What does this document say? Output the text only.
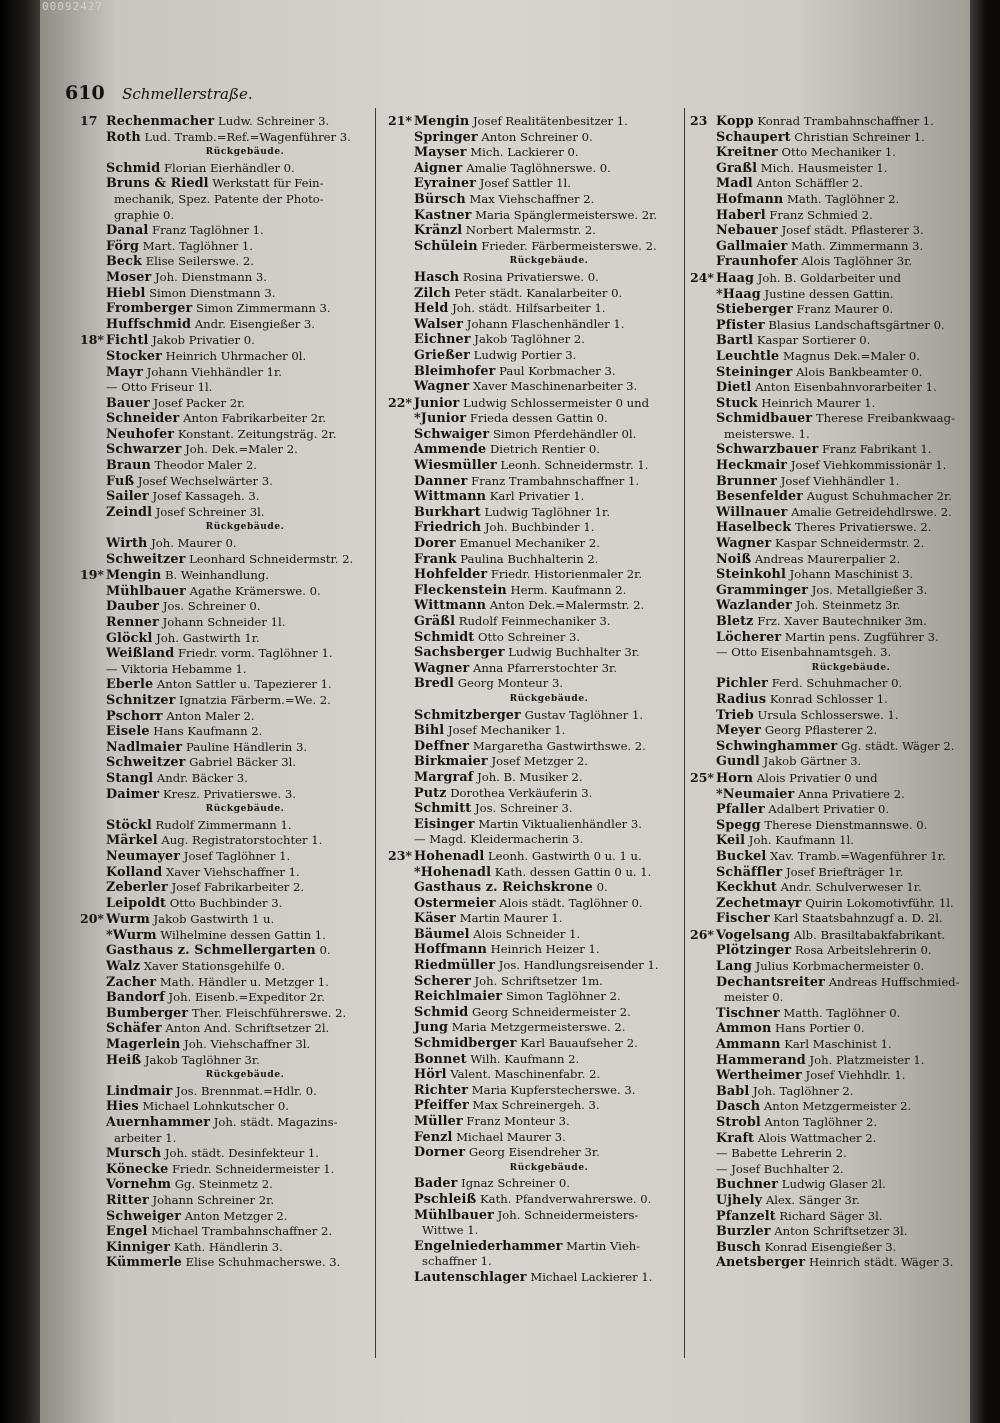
00092427
610 Schmellerstraße.
17 Rechenmacher Ludw. Schreiner 3.
Roth Lud. Tramb.=Ref.=Wagenführer 3.
Rückgebäude.
Schmid Florian Eierhändler 0.
Bruns & Riedl Werkstatt für Fein-
mechanik, Spez. Patente der Photo-
graphie 0.
Danal Franz Taglöhner 1.
Förg Mart. Taglöhner 1.
Beck Elise Seilerswe. 2.
Moser Joh. Dienstmann 3.
Hiebl Simon Dienstmann 3.
Fromberger Simon Zimmermann 3.
Huffschmid Andr. Eisengießer 3.
18* Fichtl Jakob Privatier 0.
Stocker Heinrich Uhrmacher 0l.
Mayr Johann Viehhändler 1r.
— Otto Friseur 1l.
Bauer Josef Packer 2r.
Schneider Anton Fabrikarbeiter 2r.
Neuhofer Konstant. Zeitungsträg. 2r.
Schwarzer Joh. Dek.=Maler 2.
Braun Theodor Maler 2.
Fuß Josef Wechselwärter 3.
Sailer Josef Kassageh. 3.
Zeindl Josef Schreiner 3l.
Rückgebäude.
Wirth Joh. Maurer 0.
Schweitzer Leonhard Schneidermstr. 2.
19* Mengin B. Weinhandlung.
Mühlbauer Agathe Krämerswe. 0.
Dauber Jos. Schreiner 0.
Renner Johann Schneider 1l.
Glöckl Joh. Gastwirth 1r.
Weißland Friedr. vorm. Taglöhner 1.
— Viktoria Hebamme 1.
Eberle Anton Sattler u. Tapezierer 1.
Schnitzer Ignatzia Färberm.=We. 2.
Pschorr Anton Maler 2.
Eisele Hans Kaufmann 2.
Nadlmaier Pauline Händlerin 3.
Schweitzer Gabriel Bäcker 3l.
Stangl Andr. Bäcker 3.
Daimer Kresz. Privatierswe. 3.
Rückgebäude.
Stöckl Rudolf Zimmermann 1.
Märkel Aug. Registratorstochter 1.
Neumayer Josef Taglöhner 1.
Kolland Xaver Viehschaffner 1.
Zeberler Josef Fabrikarbeiter 2.
Leipoldt Otto Buchbinder 3.
20* Wurm Jakob Gastwirth 1 u.
*Wurm Wilhelmine dessen Gattin 1.
Gasthaus z. Schmellergarten 0.
Walz Xaver Stationsgehilfe 0.
Zacher Math. Händler u. Metzger 1.
Bandorf Joh. Eisenb.=Expeditor 2r.
Bumberger Ther. Fleischführerswe. 2.
Schäfer Anton And. Schriftsetzer 2l.
Magerlein Joh. Viehschaffner 3l.
Heiß Jakob Taglöhner 3r.
Rückgebäude.
Lindmair Jos. Brennmat.=Hdlr. 0.
Hies Michael Lohnkutscher 0.
Auernhammer Joh. städt. Magazins-
arbeiter 1.
Mursch Joh. städt. Desinfekteur 1.
Könecke Friedr. Schneidermeister 1.
Vornehm Gg. Steinmetz 2.
Ritter Johann Schreiner 2r.
Schweiger Anton Metzger 2.
Engel Michael Trambahnschaffner 2.
Kinniger Kath. Händlerin 3.
Kümmerle Elise Schuhmacherswe. 3.
21* Mengin Josef Realitätenbesitzer 1.
Springer Anton Schreiner 0.
Mayser Mich. Lackierer 0.
Aigner Amalie Taglöhnerswe. 0.
Eyrainer Josef Sattler 1l.
Bürsch Max Viehschaffner 2.
Kastner Maria Spänglermeisterswe. 2r.
Kränzl Norbert Malermstr. 2.
Schülein Frieder. Färbermeisterswe. 2.
Rückgebäude.
Hasch Rosina Privatierswe. 0.
Zilch Peter städt. Kanalarbeiter 0.
Held Joh. städt. Hilfsarbeiter 1.
Walser Johann Flaschenhändler 1.
Eichner Jakob Taglöhner 2.
Grießer Ludwig Portier 3.
Bleimhofer Paul Korbmacher 3.
Wagner Xaver Maschinenarbeiter 3.
22* Junior Ludwig Schlossermeister 0 und
*Junior Frieda dessen Gattin 0.
Schwaiger Simon Pferdehändler 0l.
Ammende Dietrich Rentier 0.
Wiesmüller Leonh. Schneidermstr. 1.
Danner Franz Trambahnschaffner 1.
Wittmann Karl Privatier 1.
Burkhart Ludwig Taglöhner 1r.
Friedrich Joh. Buchbinder 1.
Dorer Emanuel Mechaniker 2.
Frank Paulina Buchhalterin 2.
Hohfelder Friedr. Historienmaler 2r.
Fleckenstein Herm. Kaufmann 2.
Wittmann Anton Dek.=Malermstr. 2.
Gräßl Rudolf Feinmechaniker 3.
Schmidt Otto Schreiner 3.
Sachsberger Ludwig Buchhalter 3r.
Wagner Anna Pfarrerstochter 3r.
Bredl Georg Monteur 3.
Rückgebäude.
Schmitzberger Gustav Taglöhner 1.
Bihl Josef Mechaniker 1.
Deffner Margaretha Gastwirthswe. 2.
Birkmaier Josef Metzger 2.
Margraf Joh. B. Musiker 2.
Putz Dorothea Verkäuferin 3.
Schmitt Jos. Schreiner 3.
Eisinger Martin Viktualienhändler 3.
— Magd. Kleidermacherin 3.
23* Hohenadl Leonh. Gastwirth 0 u. 1 u.
*Hohenadl Kath. dessen Gattin 0 u. 1.
Gasthaus z. Reichskrone 0.
Ostermeier Alois städt. Taglöhner 0.
Käser Martin Maurer 1.
Bäumel Alois Schneider 1.
Hoffmann Heinrich Heizer 1.
Riedmüller Jos. Handlungsreisender 1.
Scherer Joh. Schriftsetzer 1m.
Reichlmaier Simon Taglöhner 2.
Schmid Georg Schneidermeister 2.
Jung Maria Metzgermeisterswe. 2.
Schmidberger Karl Bauaufseher 2.
Bonnet Wilh. Kaufmann 2.
Hörl Valent. Maschinenfabr. 2.
Richter Maria Kupferstecherswe. 3.
Pfeiffer Max Schreinergeh. 3.
Müller Franz Monteur 3.
Fenzl Michael Maurer 3.
Dorner Georg Eisendreher 3r.
Rückgebäude.
Bader Ignaz Schreiner 0.
Pschleiß Kath. Pfandverwahrerswe. 0.
Mühlbauer Joh. Schneidermeisters-
Wittwe 1.
Engelniederhammer Martin Vieh-
schaffner 1.
Lautenschlager Michael Lackierer 1.
23 Kopp Konrad Trambahnschaffner 1.
Schaupert Christian Schreiner 1.
Kreitner Otto Mechaniker 1.
Graßl Mich. Hausmeister 1.
Madl Anton Schäffler 2.
Hofmann Math. Taglöhner 2.
Haberl Franz Schmied 2.
Nebauer Josef städt. Pflasterer 3.
Gallmaier Math. Zimmermann 3.
Fraunhofer Alois Taglöhner 3r.
24* Haag Joh. B. Goldarbeiter und
*Haag Justine dessen Gattin.
Stieberger Franz Maurer 0.
Pfister Blasius Landschaftsgärtner 0.
Bartl Kaspar Sortierer 0.
Leuchtle Magnus Dek.=Maler 0.
Steininger Alois Bankbeamter 0.
Dietl Anton Eisenbahnvorarbeiter 1.
Stuck Heinrich Maurer 1.
Schmidbauer Therese Freibankwaag-
meisterswe. 1.
Schwarzbauer Franz Fabrikant 1.
Heckmair Josef Viehkommissionär 1.
Brunner Josef Viehhändler 1.
Besenfelder August Schuhmacher 2r.
Willnauer Amalie Getreidehdlrswe. 2.
Haselbeck Theres Privatierswe. 2.
Wagner Kaspar Schneidermstr. 2.
Noiß Andreas Maurerpalier 2.
Steinkohl Johann Maschinist 3.
Gramminger Jos. Metallgießer 3.
Wazlander Joh. Steinmetz 3r.
Bletz Frz. Xaver Bautechniker 3m.
Löcherer Martin pens. Zugführer 3.
— Otto Eisenbahnamtsgeh. 3.
Rückgebäude.
Pichler Ferd. Schuhmacher 0.
Radius Konrad Schlosser 1.
Trieb Ursula Schlosserswe. 1.
Meyer Georg Pflasterer 2.
Schwinghammer Gg. städt. Wäger 2.
Gundl Jakob Gärtner 3.
25* Horn Alois Privatier 0 und
*Neumaier Anna Privatiere 2.
Pfaller Adalbert Privatier 0.
Spegg Therese Dienstmannswe. 0.
Keil Joh. Kaufmann 1l.
Buckel Xav. Tramb.=Wagenführer 1r.
Schäffler Josef Briefträger 1r.
Keckhut Andr. Schulverweser 1r.
Zechetmayr Quirin Lokomotivführ. 1l.
Fischer Karl Staatsbahnzugf a. D. 2l.
26* Vogelsang Alb. Brasiltabakfabrikant.
Plötzinger Rosa Arbeitslehrerin 0.
Lang Julius Korbmachermeister 0.
Dechantsreiter Andreas Huffschmied-
meister 0.
Tischner Matth. Taglöhner 0.
Ammon Hans Portier 0.
Ammann Karl Maschinist 1.
Hammerand Joh. Platzmeister 1.
Wertheimer Josef Viehhdlr. 1.
Babl Joh. Taglöhner 2.
Dasch Anton Metzgermeister 2.
Strobl Anton Taglöhner 2.
Kraft Alois Wattmacher 2.
— Babette Lehrerin 2.
— Josef Buchhalter 2.
Buchner Ludwig Glaser 2l.
Ujhely Alex. Sänger 3r.
Pfanzelt Richard Säger 3l.
Burzler Anton Schriftsetzer 3l.
Busch Konrad Eisengießer 3.
Anetsberger Heinrich städt. Wäger 3.
